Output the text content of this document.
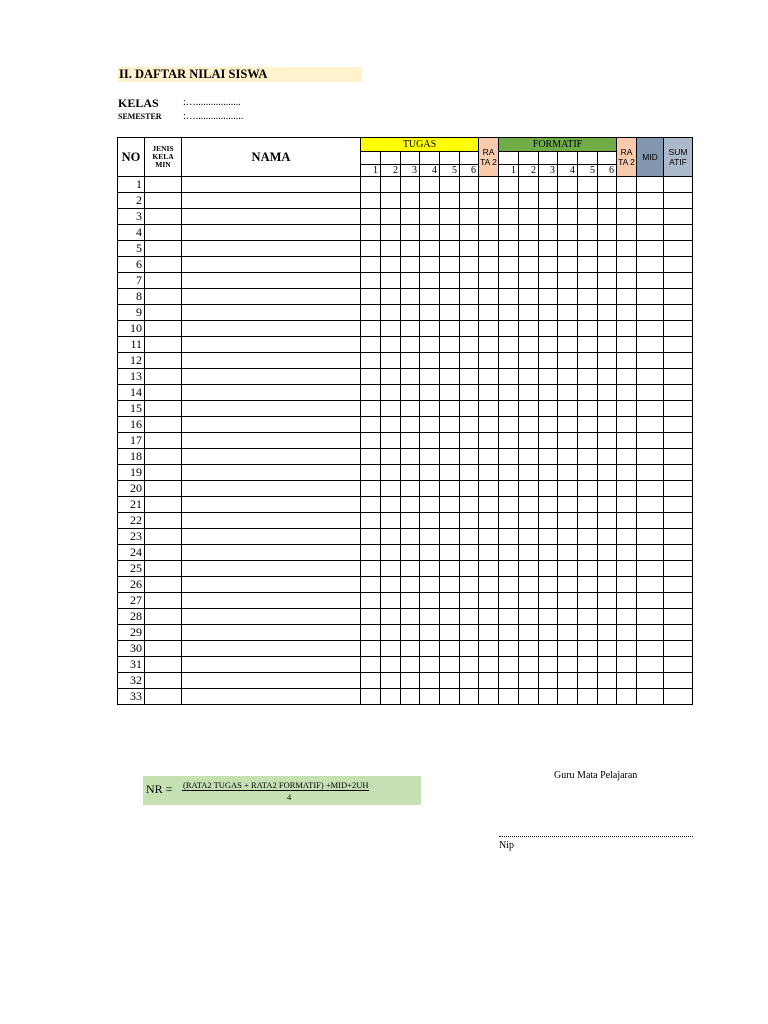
II. DAFTAR NILAI SISWA
KELAS :…..................
SEMESTER :…...................
NO	JENIS KELA MIN	NAMA	TUGAS						RA TA 2	FORMATIF						RA TA 2	MID	SUM ATIF

			1	2	3	4	5	6		1	2	3	4	5	6			
1																		
2																		
3																		
4																		
5																		
6																		
7																		
8																		
9																		
10																		
11																		
12																		
13																		
14																		
15																		
16																		
17																		
18																		
19																		
20																		
21																		
22																		
23																		
24																		
25																		
26																		
27																		
28																		
29																		
30																		
31																		
32																		
33																		
NR = (RATA2 TUGAS + RATA2 FORMATIF) +MID+2UH
4
Guru Mata Pelajaran
Nip
